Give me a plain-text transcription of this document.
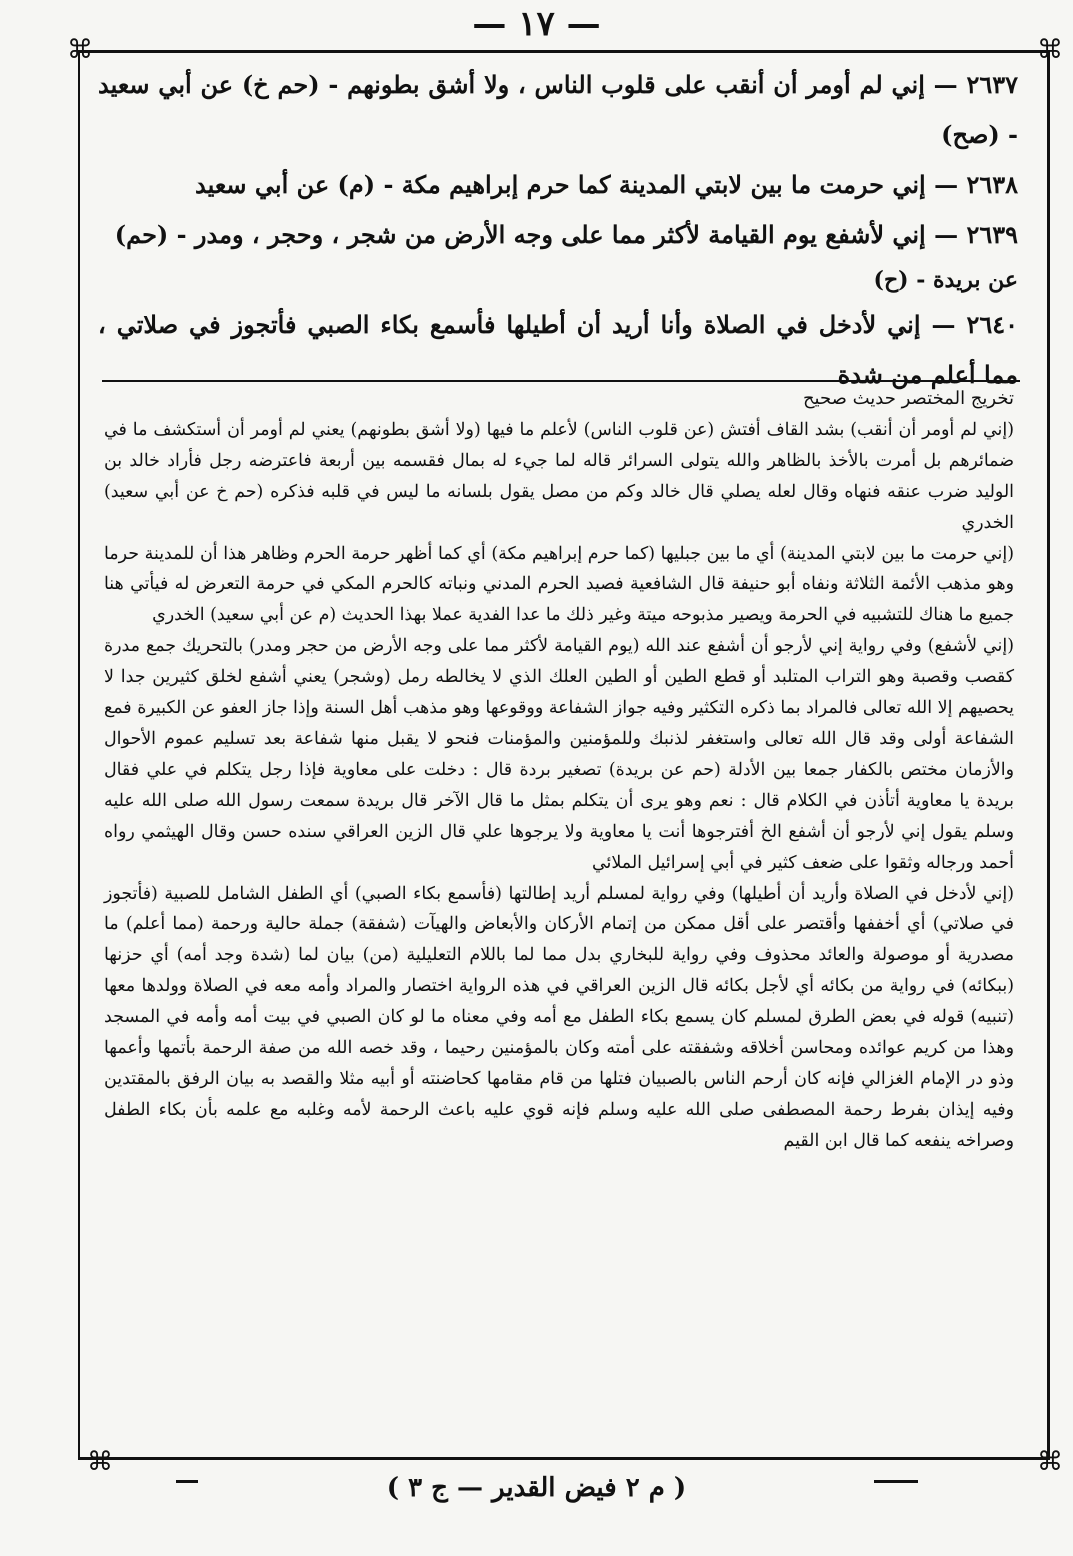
— ١٧ —
⌘	⌘
⌘	⌘

٢٦٣٧ — إني لم أومر أن أنقب على قلوب الناس ، ولا أشق بطونهم - (حم خ) عن أبي سعيد - (صح)

٢٦٣٨ — إني حرمت ما بين لابتي المدينة كما حرم إبراهيم مكة - (م) عن أبي سعيد

٢٦٣٩ — إني لأشفع يوم القيامة لأكثر مما على وجه الأرض من شجر ، وحجر ، ومدر - (حم)

عن بريدة - (ح)

٢٦٤٠ — إني لأدخل في الصلاة وأنا أريد أن أطيلها فأسمع بكاء الصبي فأتجوز في صلاتي ، مما أعلم من شدة

تخريج المختصر حديث صحيح

(إني لم أومر أن أنقب) بشد القاف أفتش (عن قلوب الناس) لأعلم ما فيها (ولا أشق بطونهم) يعني لم أومر أن أستكشف ما في ضمائرهم بل أمرت بالأخذ بالظاهر والله يتولى السرائر قاله لما جيء له بمال فقسمه بين أربعة فاعترضه رجل فأراد خالد بن الوليد ضرب عنقه فنهاه وقال لعله يصلي قال خالد وكم من مصل يقول بلسانه ما ليس في قلبه فذكره (حم خ عن أبي سعيد) الخدري

(إني حرمت ما بين لابتي المدينة) أي ما بين جبليها (كما حرم إبراهيم مكة) أي كما أظهر حرمة الحرم وظاهر هذا أن للمدينة حرما وهو مذهب الأئمة الثلاثة ونفاه أبو حنيفة قال الشافعية فصيد الحرم المدني ونباته كالحرم المكي في حرمة التعرض له فيأتي هنا جميع ما هناك للتشبيه في الحرمة ويصير مذبوحه ميتة وغير ذلك ما عدا الفدية عملا بهذا الحديث (م عن أبي سعيد) الخدري

(إني لأشفع) وفي رواية إني لأرجو أن أشفع عند الله (يوم القيامة لأكثر مما على وجه الأرض من حجر ومدر) بالتحريك جمع مدرة كقصب وقصبة وهو التراب المتلبد أو قطع الطين أو الطين العلك الذي لا يخالطه رمل (وشجر) يعني أشفع لخلق كثيرين جدا لا يحصيهم إلا الله تعالى فالمراد بما ذكره التكثير وفيه جواز الشفاعة ووقوعها وهو مذهب أهل السنة وإذا جاز العفو عن الكبيرة فمع الشفاعة أولى وقد قال الله تعالى واستغفر لذنبك وللمؤمنين والمؤمنات فنحو لا يقبل منها شفاعة بعد تسليم عموم الأحوال والأزمان مختص بالكفار جمعا بين الأدلة (حم عن بريدة) تصغير بردة قال : دخلت على معاوية فإذا رجل يتكلم في علي فقال بريدة يا معاوية أتأذن في الكلام قال : نعم وهو يرى أن يتكلم بمثل ما قال الآخر قال بريدة سمعت رسول الله صلى الله عليه وسلم يقول إني لأرجو أن أشفع الخ أفترجوها أنت يا معاوية ولا يرجوها علي قال الزين العراقي سنده حسن وقال الهيثمي رواه أحمد ورجاله وثقوا على ضعف كثير في أبي إسرائيل الملائي

(إني لأدخل في الصلاة وأريد أن أطيلها) وفي رواية لمسلم أريد إطالتها (فأسمع بكاء الصبي) أي الطفل الشامل للصبية (فأتجوز في صلاتي) أي أخففها وأقتصر على أقل ممكن من إتمام الأركان والأبعاض والهيآت (شفقة) جملة حالية ورحمة (مما أعلم) ما مصدرية أو موصولة والعائد محذوف وفي رواية للبخاري بدل مما لما باللام التعليلية (من) بيان لما (شدة وجد أمه) أي حزنها (ببكائه) في رواية من بكائه أي لأجل بكائه قال الزين العراقي في هذه الرواية اختصار والمراد وأمه معه في الصلاة وولدها معها (تنبيه) قوله في بعض الطرق لمسلم كان يسمع بكاء الطفل مع أمه وفي معناه ما لو كان الصبي في بيت أمه وأمه في المسجد وهذا من كريم عوائده ومحاسن أخلاقه وشفقته على أمته وكان بالمؤمنين رحيما ، وقد خصه الله من صفة الرحمة بأتمها وأعمها وذو در الإمام الغزالي فإنه كان أرحم الناس بالصبيان فتلها من قام مقامها كحاضنته أو أبيه مثلا والقصد به بيان الرفق بالمقتدين وفيه إيذان بفرط رحمة المصطفى صلى الله عليه وسلم فإنه قوي عليه باعث الرحمة لأمه وغلبه مع علمه بأن بكاء الطفل وصراخه ينفعه كما قال ابن القيم

( م ٢ فيض القدير — ج ٣ )
